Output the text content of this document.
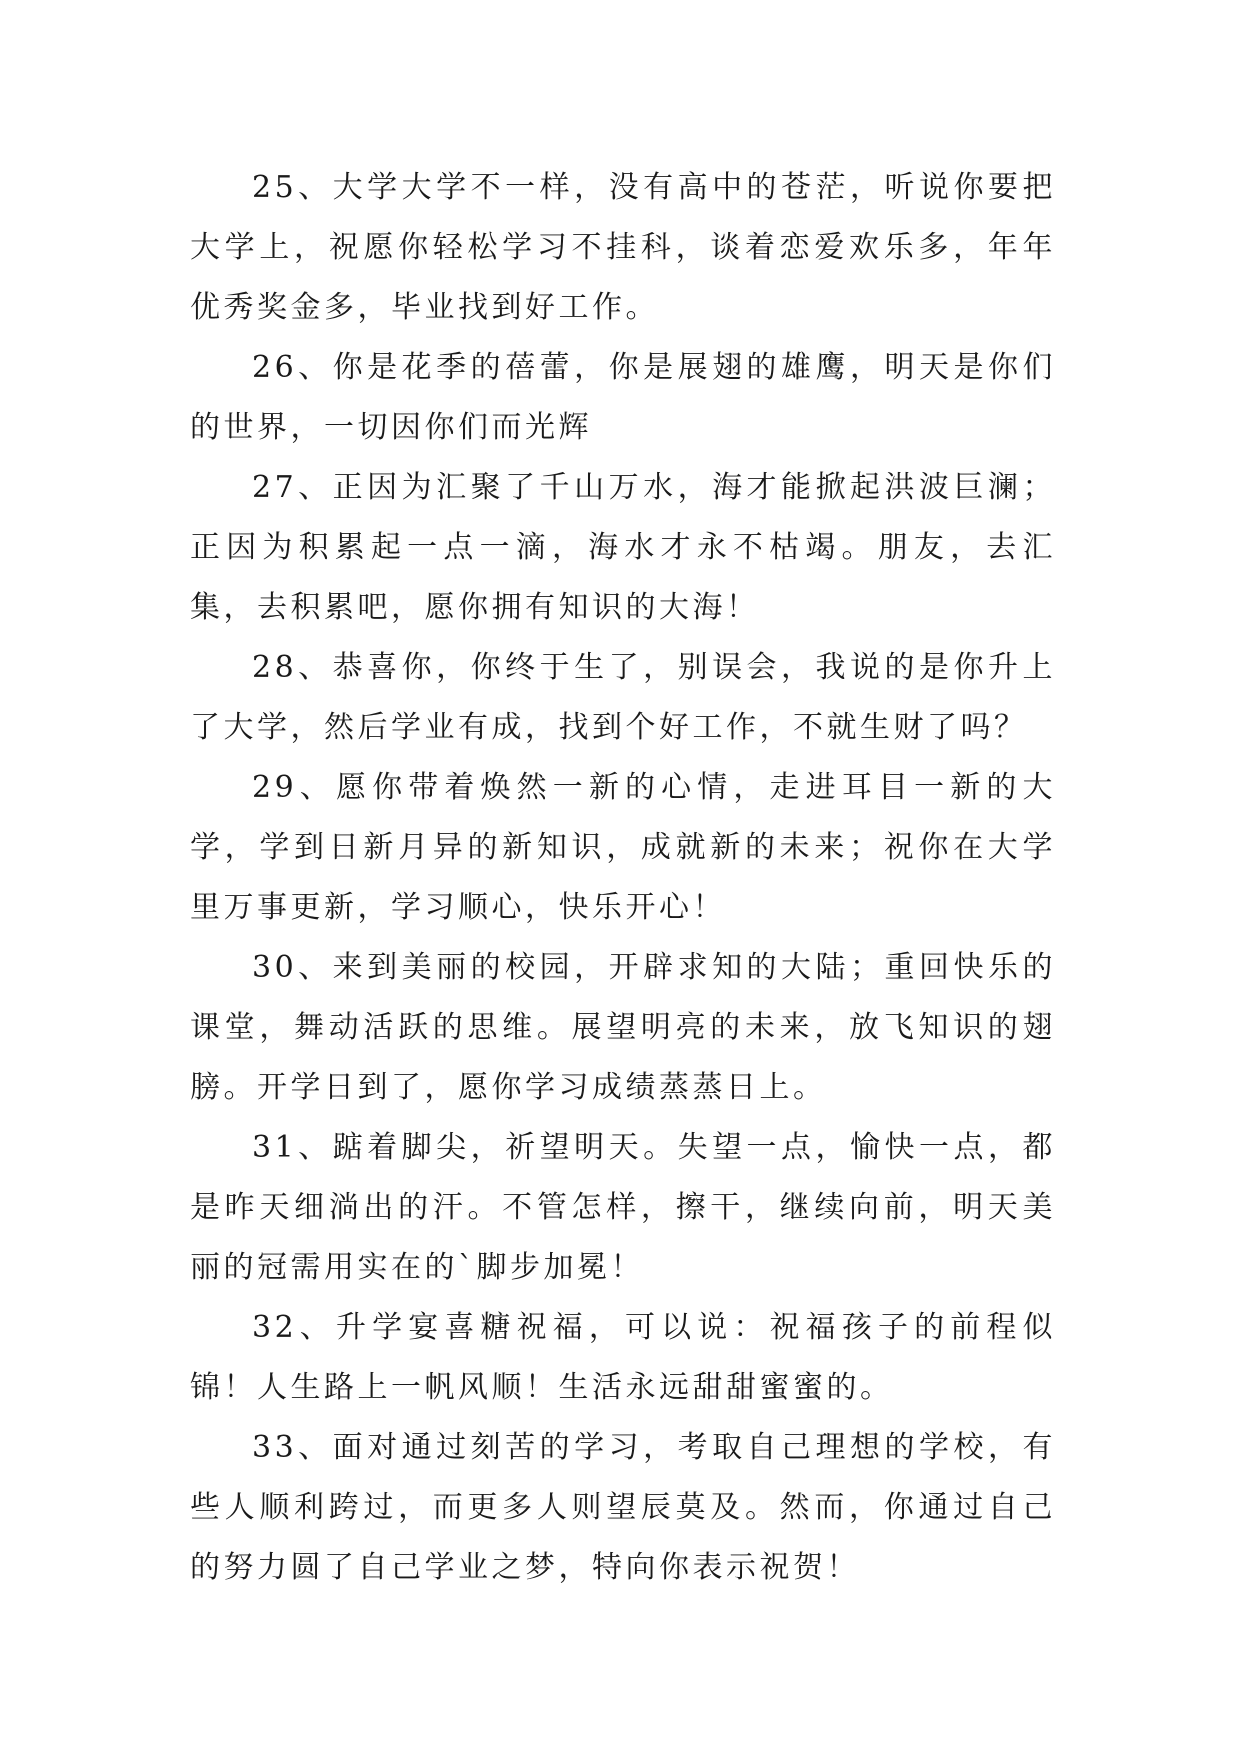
25、大学大学不一样，没有高中的苍茫，听说你要把大学上，祝愿你轻松学习不挂科，谈着恋爱欢乐多，年年优秀奖金多，毕业找到好工作。

26、你是花季的蓓蕾，你是展翅的雄鹰，明天是你们的世界，一切因你们而光辉

27、正因为汇聚了千山万水，海才能掀起洪波巨澜；正因为积累起一点一滴，海水才永不枯竭。朋友，去汇集，去积累吧，愿你拥有知识的大海！

28、恭喜你，你终于生了，别误会，我说的是你升上了大学，然后学业有成，找到个好工作，不就生财了吗？

29、愿你带着焕然一新的心情，走进耳目一新的大学，学到日新月异的新知识，成就新的未来；祝你在大学里万事更新，学习顺心，快乐开心！

30、来到美丽的校园，开辟求知的大陆；重回快乐的课堂，舞动活跃的思维。展望明亮的未来，放飞知识的翅膀。开学日到了，愿你学习成绩蒸蒸日上。

31、踮着脚尖，祈望明天。失望一点，愉快一点，都是昨天细淌出的汗。不管怎样，擦干，继续向前，明天美丽的冠需用实在的`脚步加冕！

32、升学宴喜糖祝福，可以说：祝福孩子的前程似锦！人生路上一帆风顺！生活永远甜甜蜜蜜的。

33、面对通过刻苦的学习，考取自己理想的学校，有些人顺利跨过，而更多人则望辰莫及。然而，你通过自己的努力圆了自己学业之梦，特向你表示祝贺！
